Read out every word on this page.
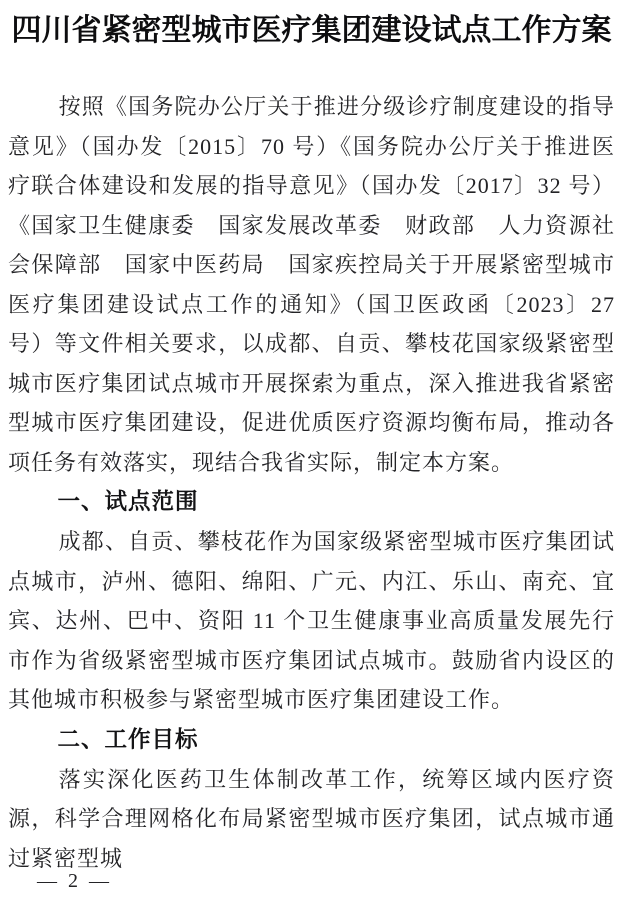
四川省紧密型城市医疗集团建设试点工作方案

按照《国务院办公厅关于推进分级诊疗制度建设的指导意见》（国办发〔2015〕70 号）《国务院办公厅关于推进医疗联合体建设和发展的指导意见》（国办发〔2017〕32 号）《国家卫生健康委　国家发展改革委　财政部　人力资源社会保障部　国家中医药局　国家疾控局关于开展紧密型城市医疗集团建设试点工作的通知》（国卫医政函〔2023〕27 号）等文件相关要求，以成都、自贡、攀枝花国家级紧密型城市医疗集团试点城市开展探索为重点，深入推进我省紧密型城市医疗集团建设，促进优质医疗资源均衡布局，推动各项任务有效落实，现结合我省实际，制定本方案。

一、试点范围

成都、自贡、攀枝花作为国家级紧密型城市医疗集团试点城市，泸州、德阳、绵阳、广元、内江、乐山、南充、宜宾、达州、巴中、资阳 11 个卫生健康事业高质量发展先行市作为省级紧密型城市医疗集团试点城市。鼓励省内设区的其他城市积极参与紧密型城市医疗集团建设工作。

二、工作目标

落实深化医药卫生体制改革工作，统筹区域内医疗资源，科学合理网格化布局紧密型城市医疗集团，试点城市通过紧密型城

— 2 —
